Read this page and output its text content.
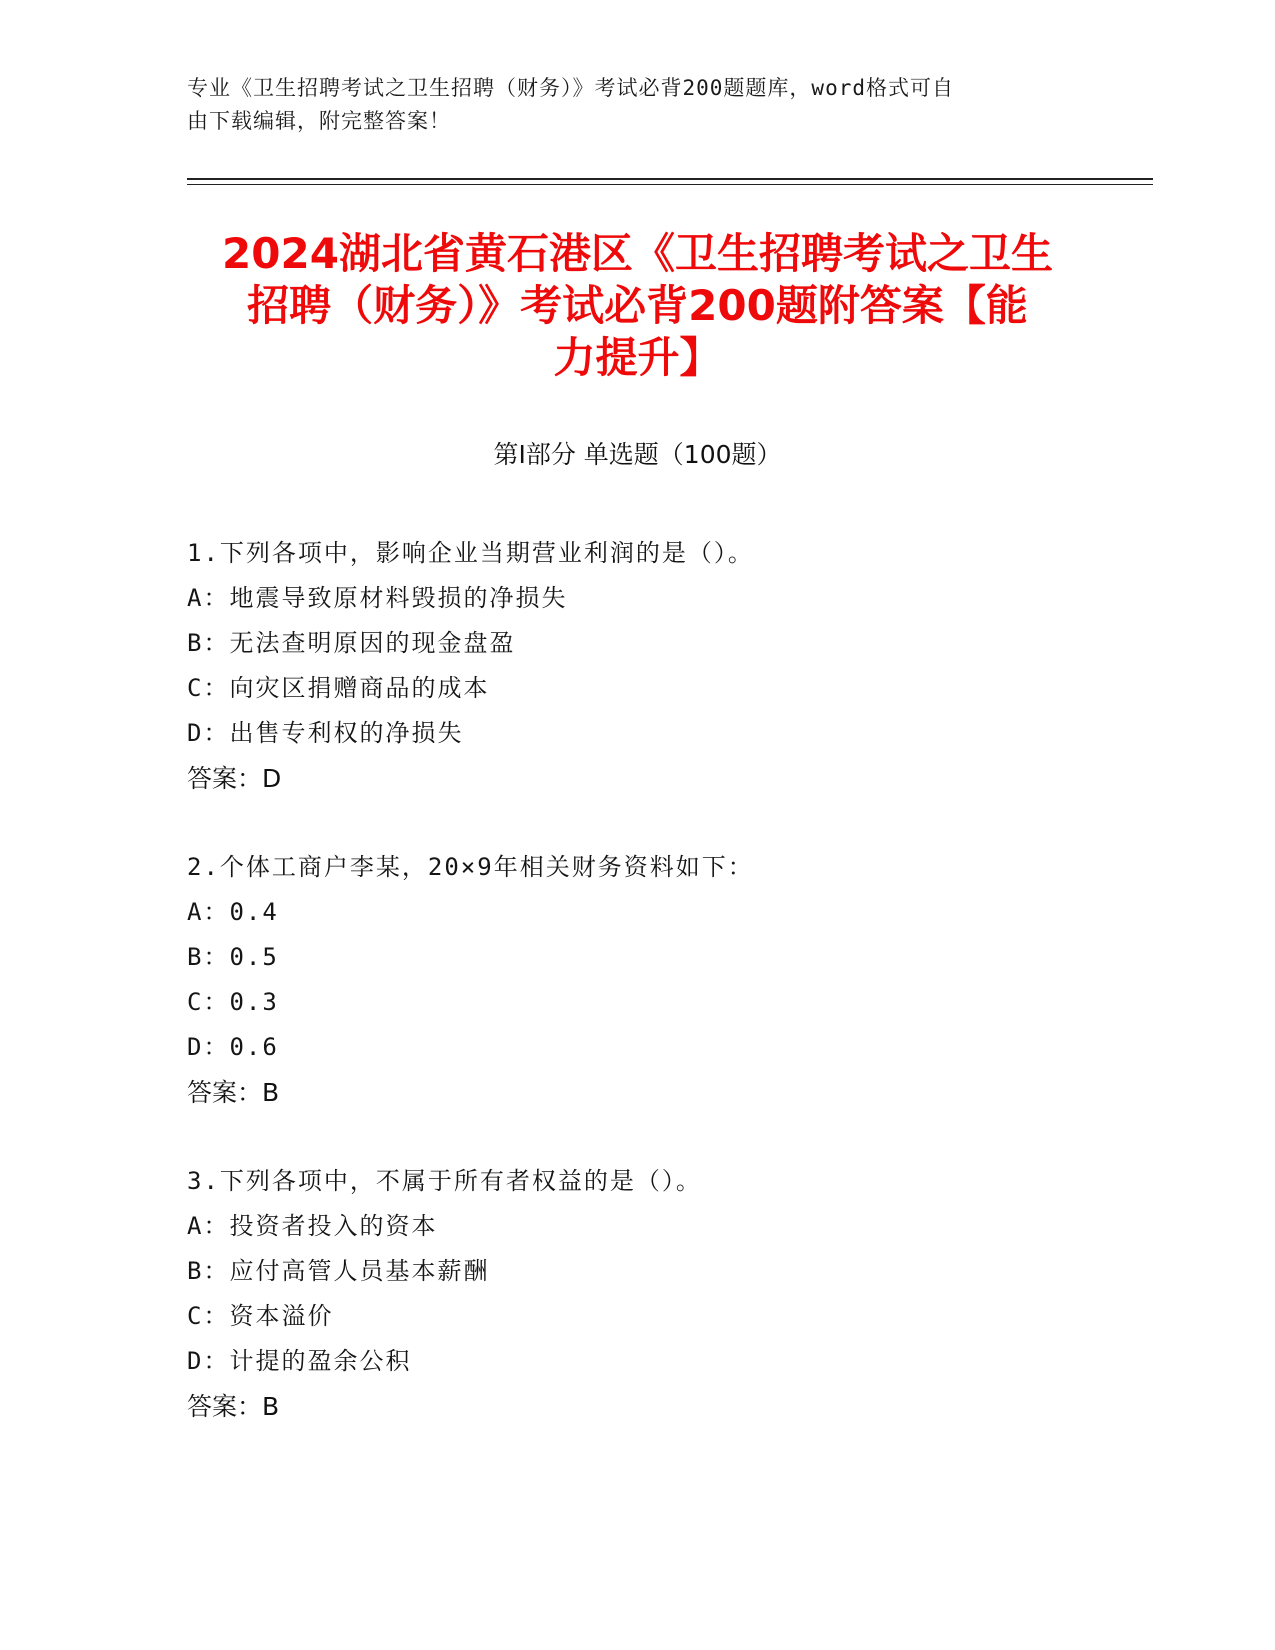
专业《卫生招聘考试之卫生招聘（财务）》考试必背200题题库，word格式可自
由下载编辑，附完整答案！
2024湖北省黄石港区《卫生招聘考试之卫生
招聘（财务）》考试必背200题附答案【能
力提升】
第Ⅰ部分 单选题（100题）
1.下列各项中，影响企业当期营业利润的是（）。
A：地震导致原材料毁损的净损失
B：无法查明原因的现金盘盈
C：向灾区捐赠商品的成本
D：出售专利权的净损失
答案：D
2.个体工商户李某，20×9年相关财务资料如下：
A：0.4
B：0.5
C：0.3
D：0.6
答案：B
3.下列各项中，不属于所有者权益的是（）。
A：投资者投入的资本
B：应付高管人员基本薪酬
C：资本溢价
D：计提的盈余公积
答案：B
